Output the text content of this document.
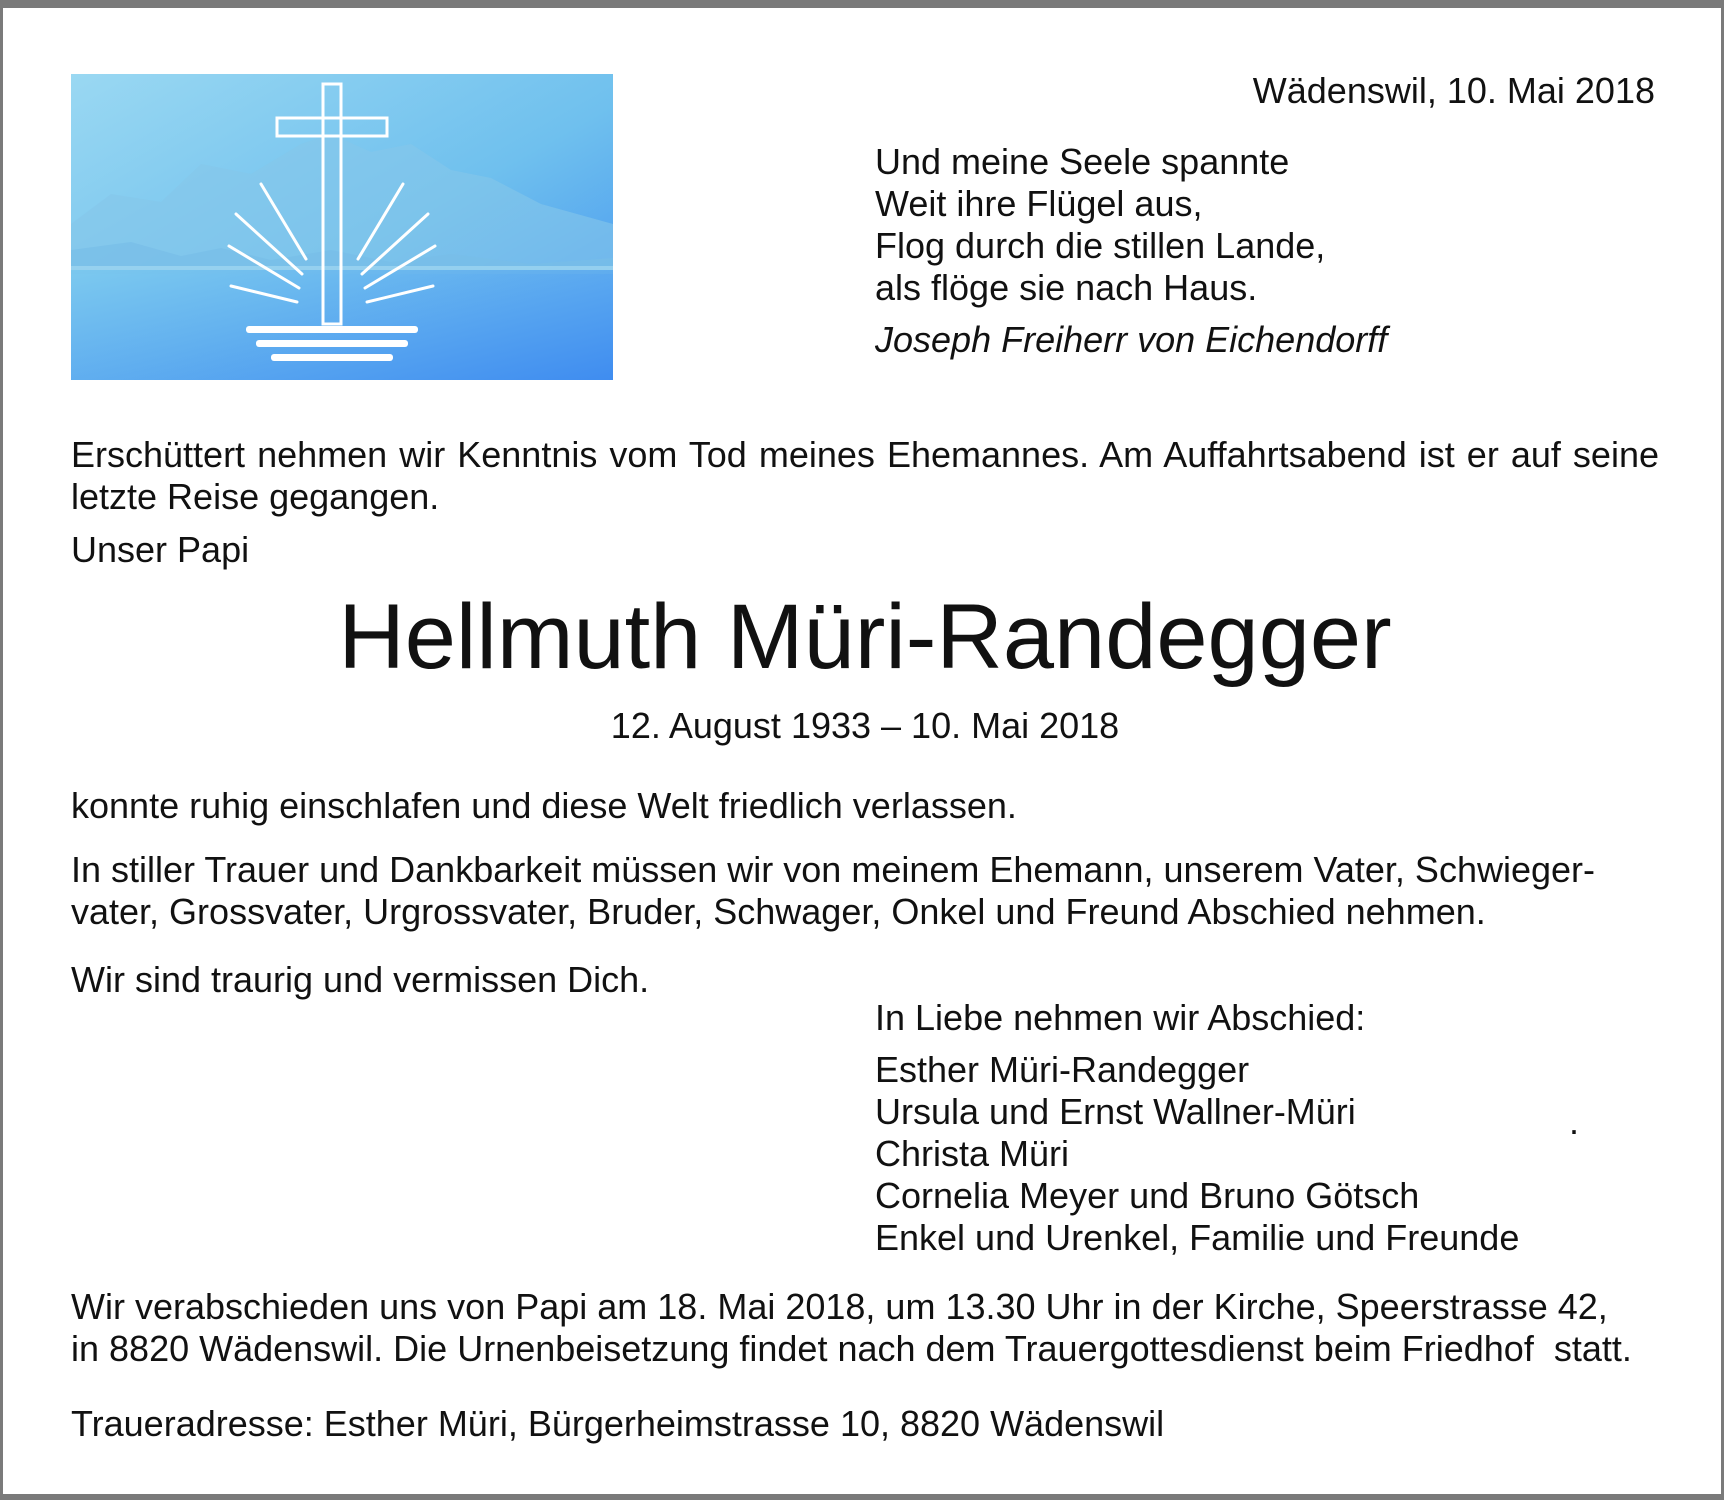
Wädenswil, 10. Mai 2018
Und meine Seele spannte
Weit ihre Flügel aus,
Flog durch die stillen Lande,
als flöge sie nach Haus.
Joseph Freiherr von Eichendorff
Erschüttert nehmen wir Kenntnis vom Tod meines Ehemannes. Am Auffahrtsabend ist er auf seine letzte Reise gegangen.
Unser Papi
Hellmuth Müri-Randegger
12. August 1933 – 10. Mai 2018
konnte ruhig einschlafen und diese Welt friedlich verlassen.
In stiller Trauer und Dankbarkeit müssen wir von meinem Ehemann, unserem Vater, Schwieger-
vater, Grossvater, Urgrossvater, Bruder, Schwager, Onkel und Freund Abschied nehmen.
Wir sind traurig und vermissen Dich.
In Liebe nehmen wir Abschied:
Esther Müri-Randegger
Ursula und Ernst Wallner-Müri
Christa Müri
Cornelia Meyer und Bruno Götsch
Enkel und Urenkel, Familie und Freunde
.
Wir verabschieden uns von Papi am 18. Mai 2018, um 13.30 Uhr in der Kirche, Speerstrasse 42,
in 8820 Wädenswil. Die Urnenbeisetzung findet nach dem Trauergottesdienst beim Friedhof  statt.
Traueradresse: Esther Müri, Bürgerheimstrasse 10, 8820 Wädenswil
